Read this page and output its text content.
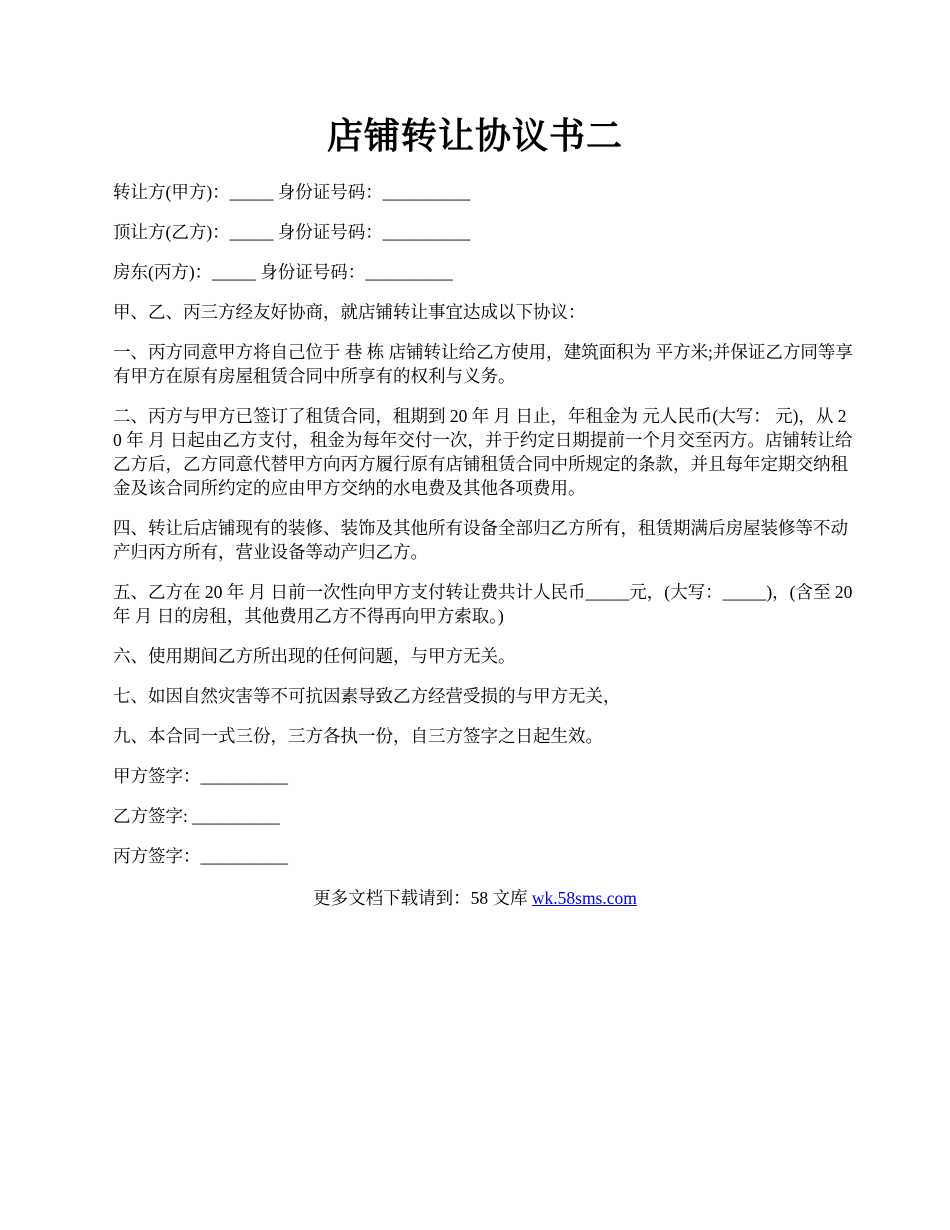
店铺转让协议书二

转让方(甲方)：_____ 身份证号码：__________

顶让方(乙方)：_____ 身份证号码：__________

房东(丙方)：_____ 身份证号码：__________

甲、乙、丙三方经友好协商，就店铺转让事宜达成以下协议：

一、丙方同意甲方将自己位于 巷 栋 店铺转让给乙方使用，建筑面积为 平方米;并保证乙方同等享有甲方在原有房屋租赁合同中所享有的权利与义务。

二、丙方与甲方已签订了租赁合同，租期到 20 年 月 日止，年租金为 元人民币(大写： 元)，从 20 年 月 日起由乙方支付，租金为每年交付一次，并于约定日期提前一个月交至丙方。店铺转让给乙方后，乙方同意代替甲方向丙方履行原有店铺租赁合同中所规定的条款，并且每年定期交纳租金及该合同所约定的应由甲方交纳的水电费及其他各项费用。

四、转让后店铺现有的装修、装饰及其他所有设备全部归乙方所有，租赁期满后房屋装修等不动产归丙方所有，营业设备等动产归乙方。

五、乙方在 20 年 月 日前一次性向甲方支付转让费共计人民币_____元，(大写：_____)，(含至 20 年 月 日的房租，其他费用乙方不得再向甲方索取。)

六、使用期间乙方所出现的任何问题，与甲方无关。

七、如因自然灾害等不可抗因素导致乙方经营受损的与甲方无关，

九、本合同一式三份，三方各执一份，自三方签字之日起生效。

甲方签字：__________

乙方签字: __________

丙方签字：__________

更多文档下载请到：58 文库 wk.58sms.com
